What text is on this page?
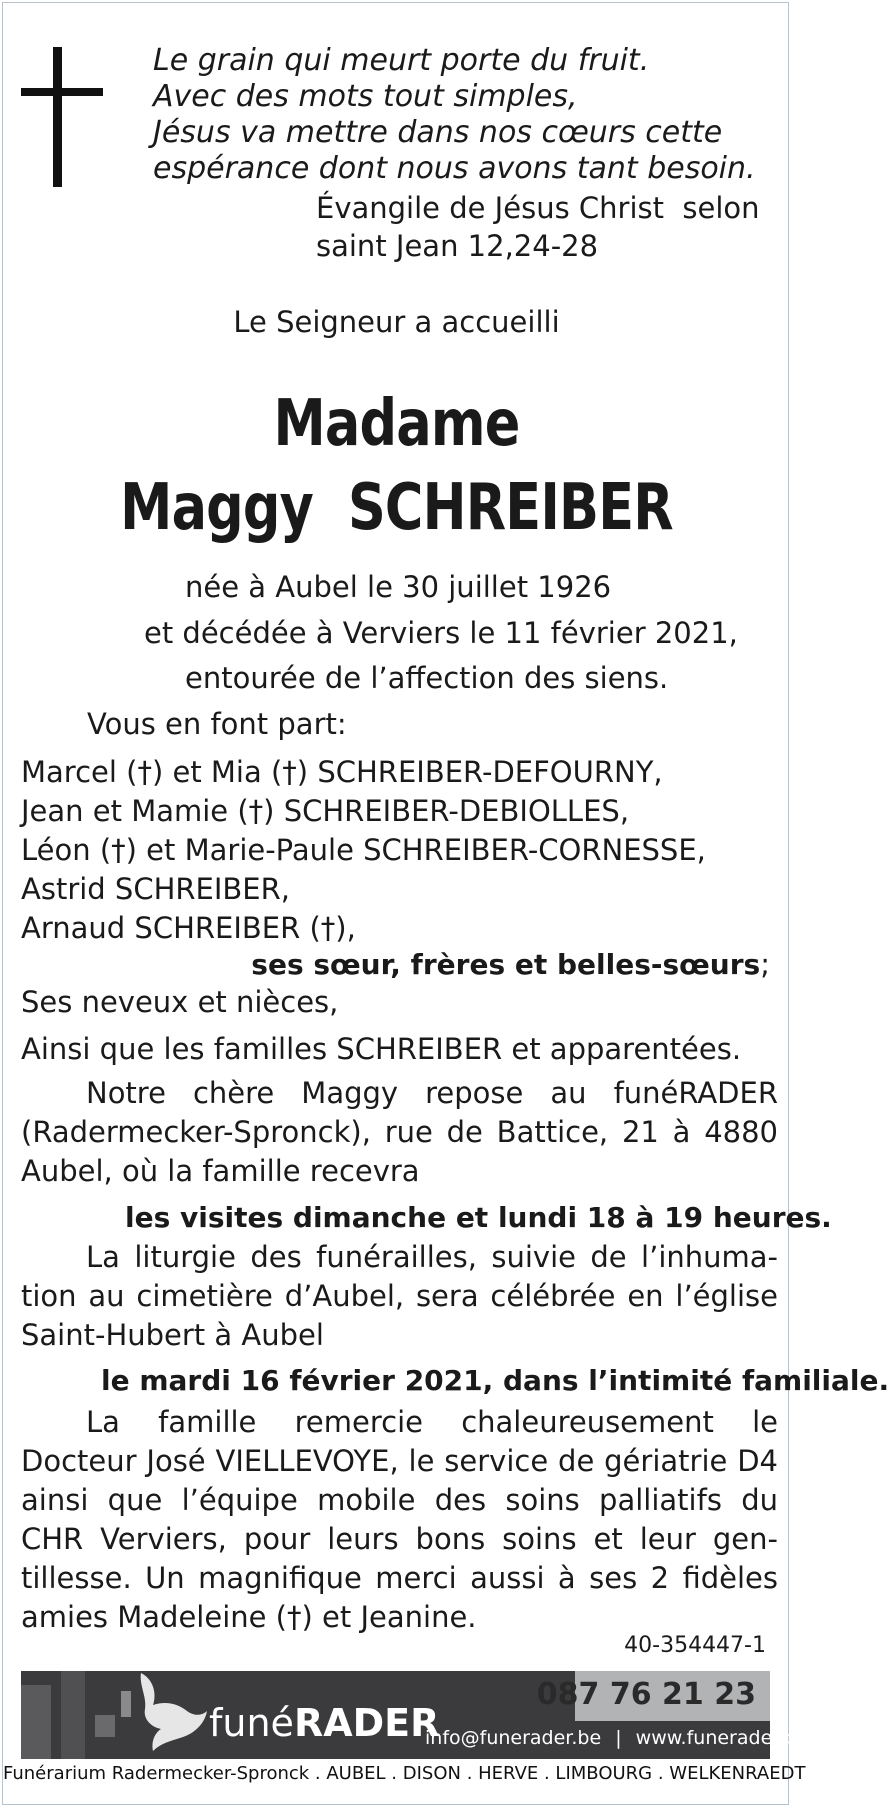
Le grain qui meurt porte du fruit.
Avec des mots tout simples,
Jésus va mettre dans nos cœurs cette
espérance dont nous avons tant besoin.
Évangile de Jésus Christ  selon
saint Jean 12,24-28
Le Seigneur a accueilli
Madame
Maggy  SCHREIBER
née à Aubel le 30 juillet 1926
et décédée à Verviers le 11 février 2021,
entourée de l’affection des siens.
Vous en font part:
Marcel (†) et Mia (†) SCHREIBER-DEFOURNY,
Jean et Mamie (†) SCHREIBER-DEBIOLLES,
Léon (†) et Marie-Paule SCHREIBER-CORNESSE,
Astrid SCHREIBER,
Arnaud SCHREIBER (†),
ses sœur, frères et belles-sœurs;
Ses neveux et nièces,
Ainsi que les familles SCHREIBER et apparentées.
Notre chère Maggy repose au funéRADER
(Radermecker-Spronck), rue de Battice, 21 à 4880
Aubel, où la famille recevra
les visites dimanche et lundi 18 à 19 heures.
La liturgie des funérailles, suivie de l’inhuma-
tion au cimetière d’Aubel, sera célébrée en l’église
Saint-Hubert à Aubel
le mardi 16 février 2021, dans l’intimité familiale.
La famille remercie chaleureusement le
Docteur José VIELLEVOYE, le service de gériatrie D4
ainsi que l’équipe mobile des soins palliatifs du
CHR Verviers, pour leurs bons soins et leur gen-
tillesse. Un magnifique merci aussi à ses 2 fidèles
amies Madeleine (†) et Jeanine.
40-354447-1
funéRADER
087 76 21 23
info@funerader.be | www.funerader.be
Funérarium Radermecker-Spronck . AUBEL . DISON . HERVE . LIMBOURG . WELKENRAEDT
